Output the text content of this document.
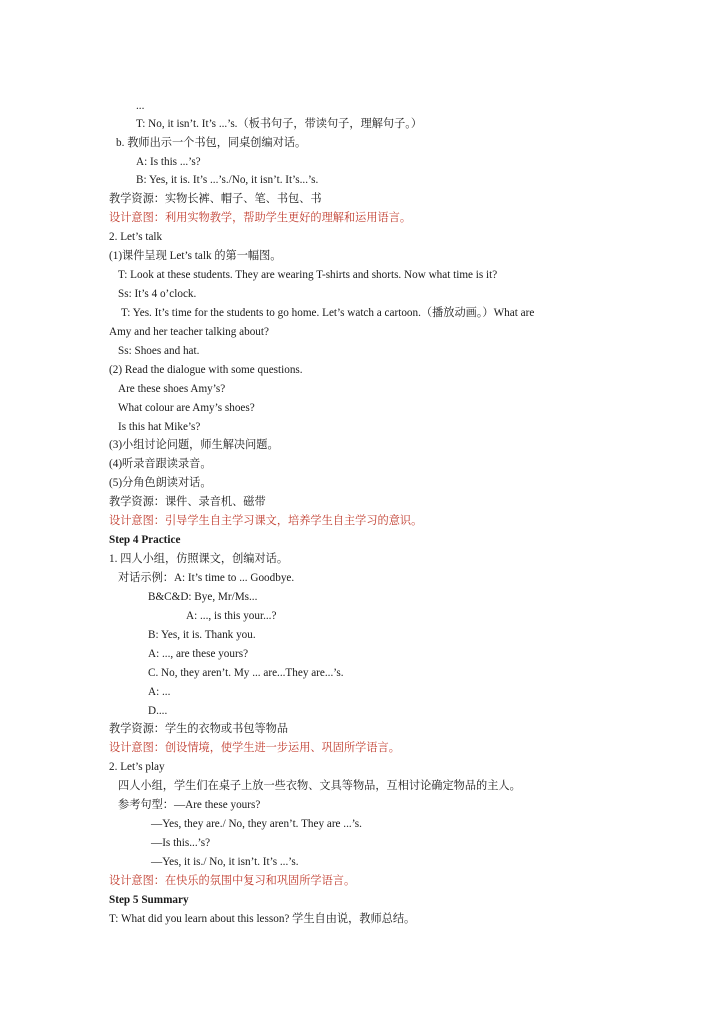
...
T: No, it isn’t. It’s ...’s.（板书句子，带读句子，理解句子。）
b. 教师出示一个书包，同桌创编对话。
A: Is this ...’s?
B: Yes, it is. It’s ...’s./No, it isn’t. It’s...’s.
教学资源：实物长裤、帽子、笔、书包、书
设计意图：利用实物教学，帮助学生更好的理解和运用语言。
2. Let’s talk
(1)课件呈现 Let’s talk 的第一幅图。
T: Look at these students. They are wearing T-shirts and shorts. Now what time is it?
Ss: It’s 4 o’clock.
T: Yes. It’s time for the students to go home. Let’s watch a cartoon.（播放动画。）What are
Amy and her teacher talking about?
Ss: Shoes and hat.
(2) Read the dialogue with some questions.
Are these shoes Amy’s?
What colour are Amy’s shoes?
Is this hat Mike’s?
(3)小组讨论问题，师生解决问题。
(4)听录音跟读录音。
(5)分角色朗读对话。
教学资源：课件、录音机、磁带
设计意图：引导学生自主学习课文，培养学生自主学习的意识。
Step 4 Practice
1. 四人小组，仿照课文，创编对话。
对话示例：A: It’s time to ... Goodbye.
B&C&D: Bye, Mr/Ms...
A: ..., is this your...?
B: Yes, it is. Thank you.
A: ..., are these yours?
C. No, they aren’t. My ... are...They are...’s.
A: ...
D....
教学资源：学生的衣物或书包等物品
设计意图：创设情境，使学生进一步运用、巩固所学语言。
2. Let’s play
四人小组，学生们在桌子上放一些衣物、文具等物品，互相讨论确定物品的主人。
参考句型：—Are these yours?
—Yes, they are./ No, they aren’t. They are ...’s.
—Is this...’s?
—Yes, it is./ No, it isn’t. It’s ...’s.
设计意图：在快乐的氛围中复习和巩固所学语言。
Step 5 Summary
T: What did you learn about this lesson? 学生自由说，教师总结。
